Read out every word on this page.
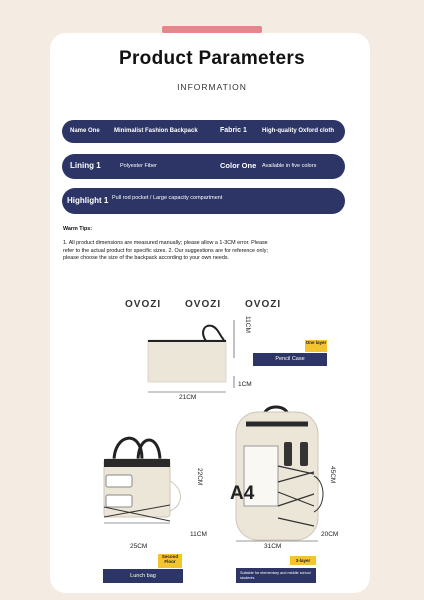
Product Parameters
INFORMATION
Name One Minimalist Fashion Backpack	Fabric 1	High-quality Oxford cloth
Lining 1	Polyester Fiber	Color One Available in five colors
Highlight 1 Pull rod pocket / Large capacity compartment
Warm Tips:
1. All product dimensions are measured manually; please allow a 1-3CM error. Please
refer to the actual product for specific sizes. 2. Our suggestions are for reference only;
please choose the size of the backpack according to your own needs.
OVOZI OVOZI OVOZI
11CM
1CM
21CM
One layer
Pencil Case
22CM
11CM
25CM
Second Floor
Lunch bag
A4
45CM
20CM
31CM
3-layer
Suitable for elementary and middle school students
